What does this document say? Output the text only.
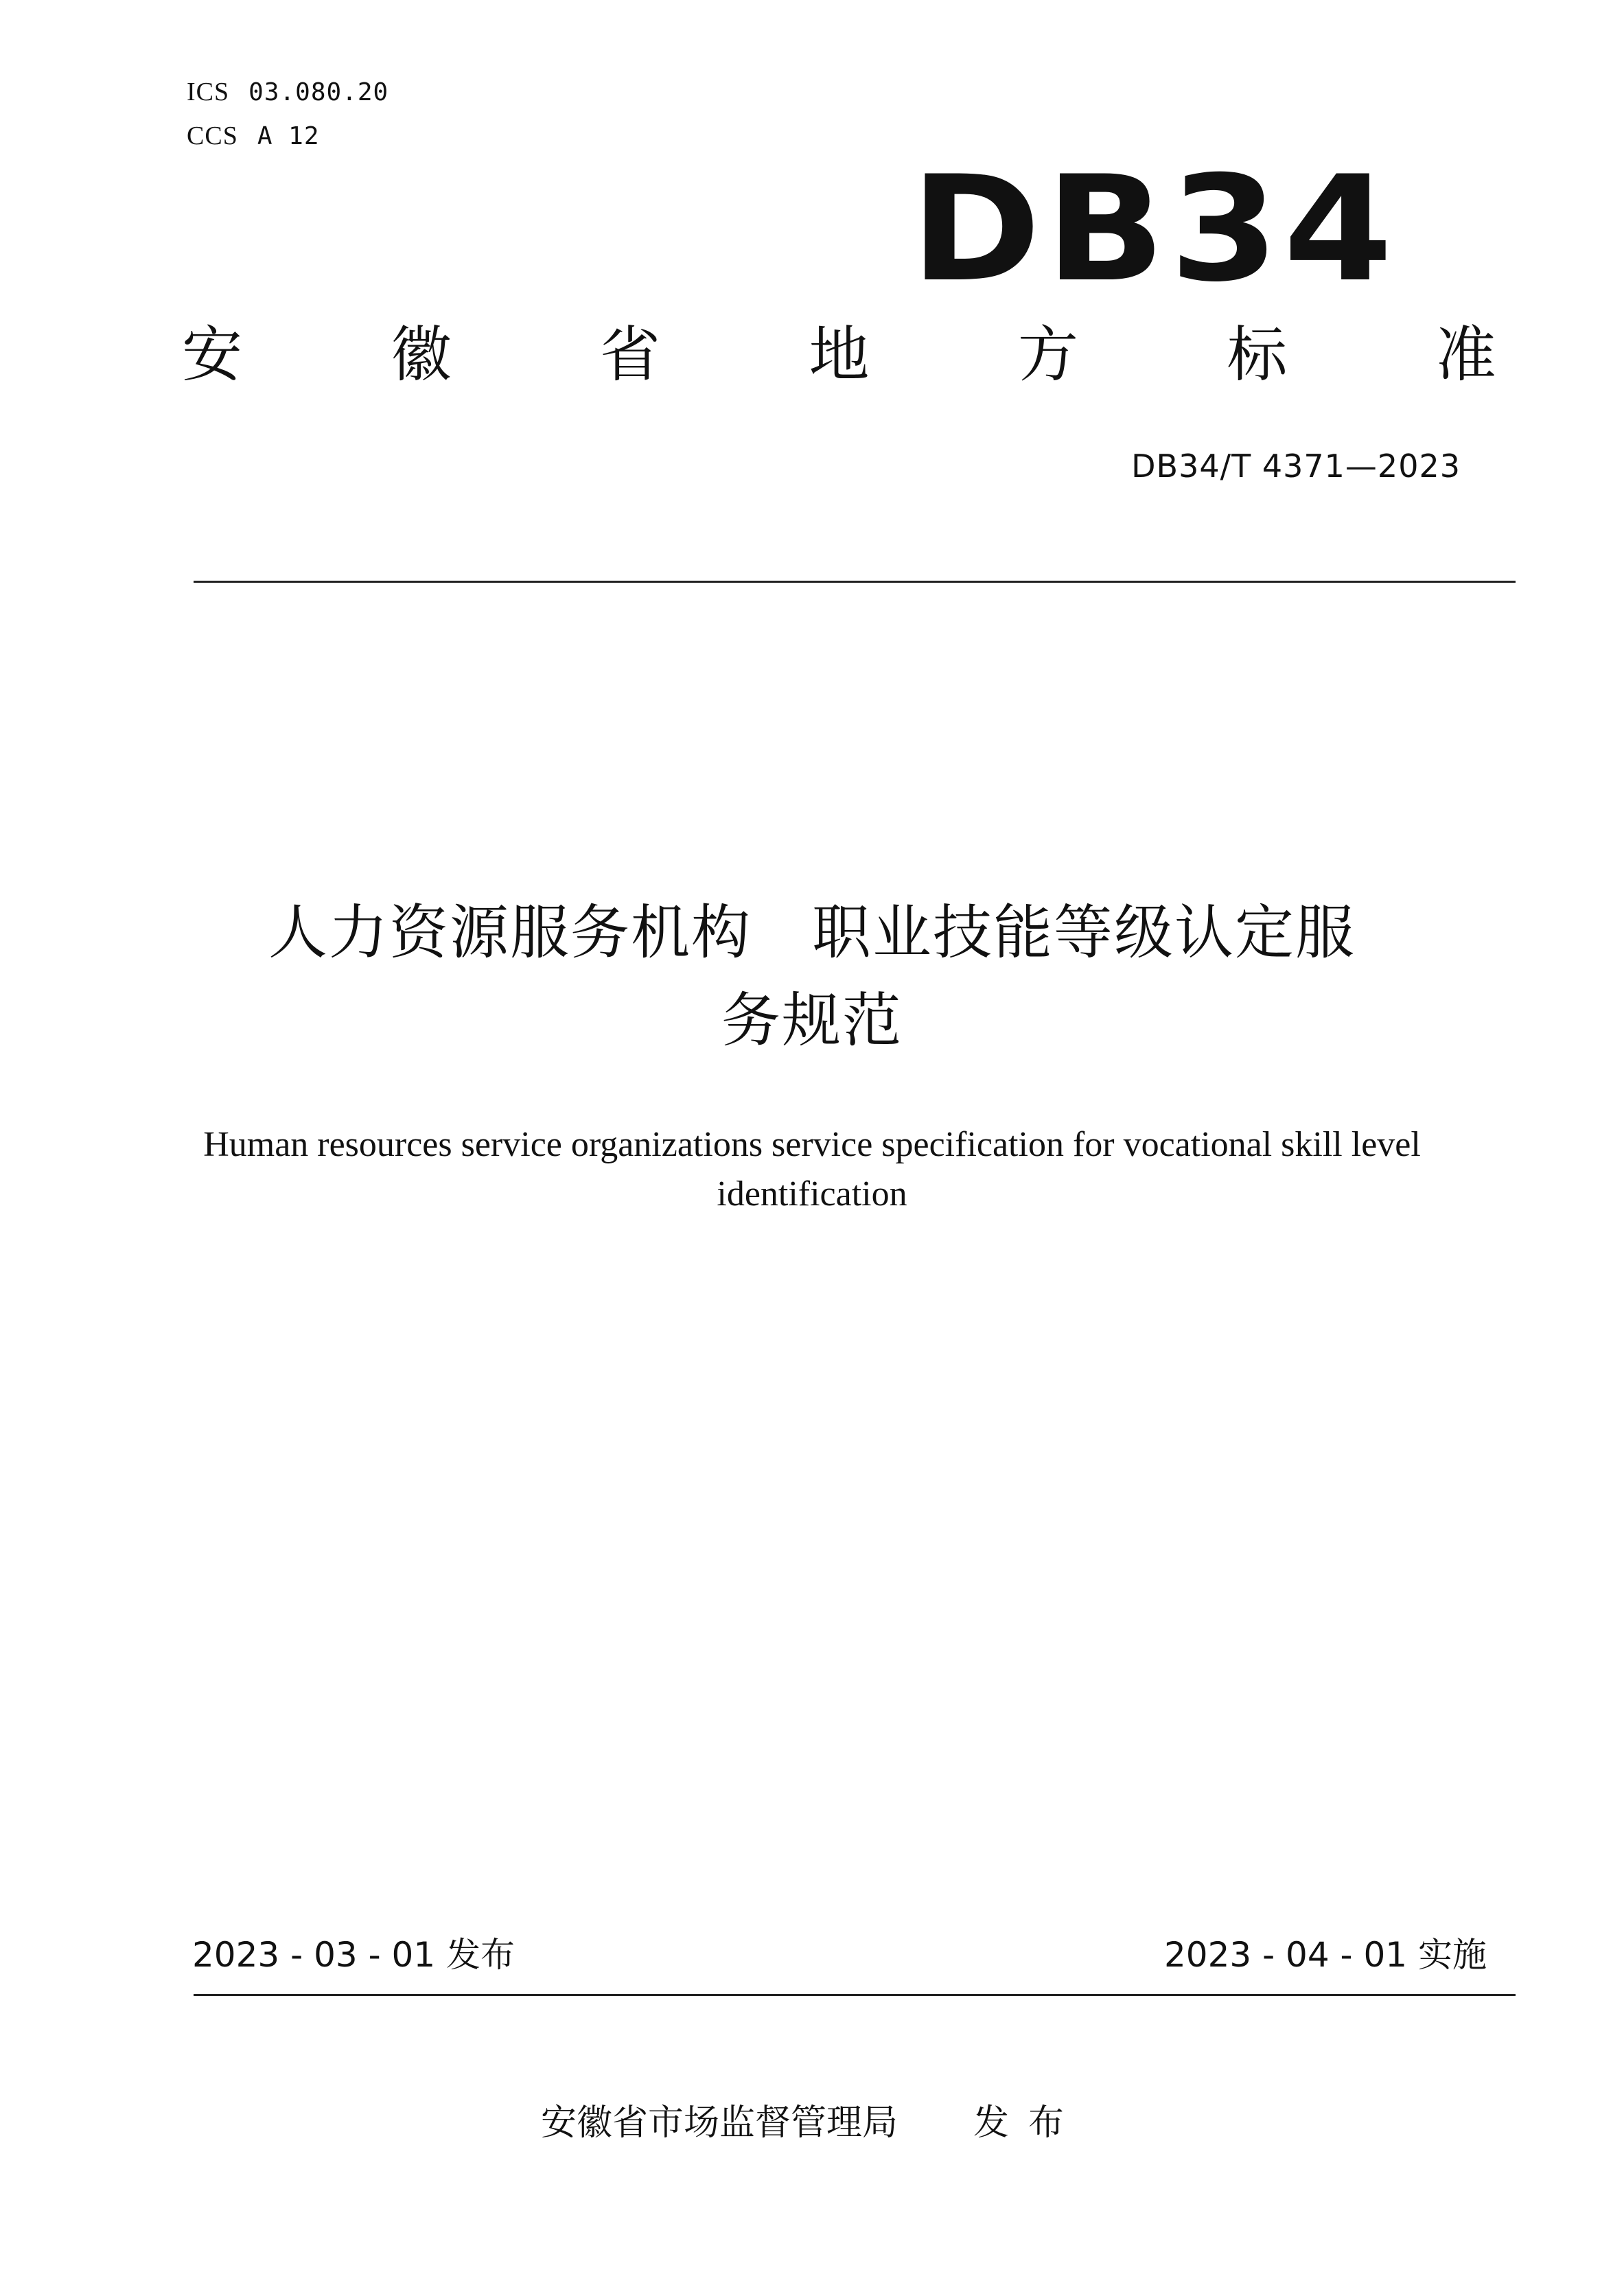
ICS 03.080.20
CCS A 12
DB34
安 徽 省 地 方 标 准
DB34/T 4371—2023
人力资源服务机构　职业技能等级认定服
务规范
Human resources service organizations service specification for vocational skill level
identification
2023 - 03 - 01 发布	2023 - 04 - 01 实施
安徽省市场监督管理局 发布
